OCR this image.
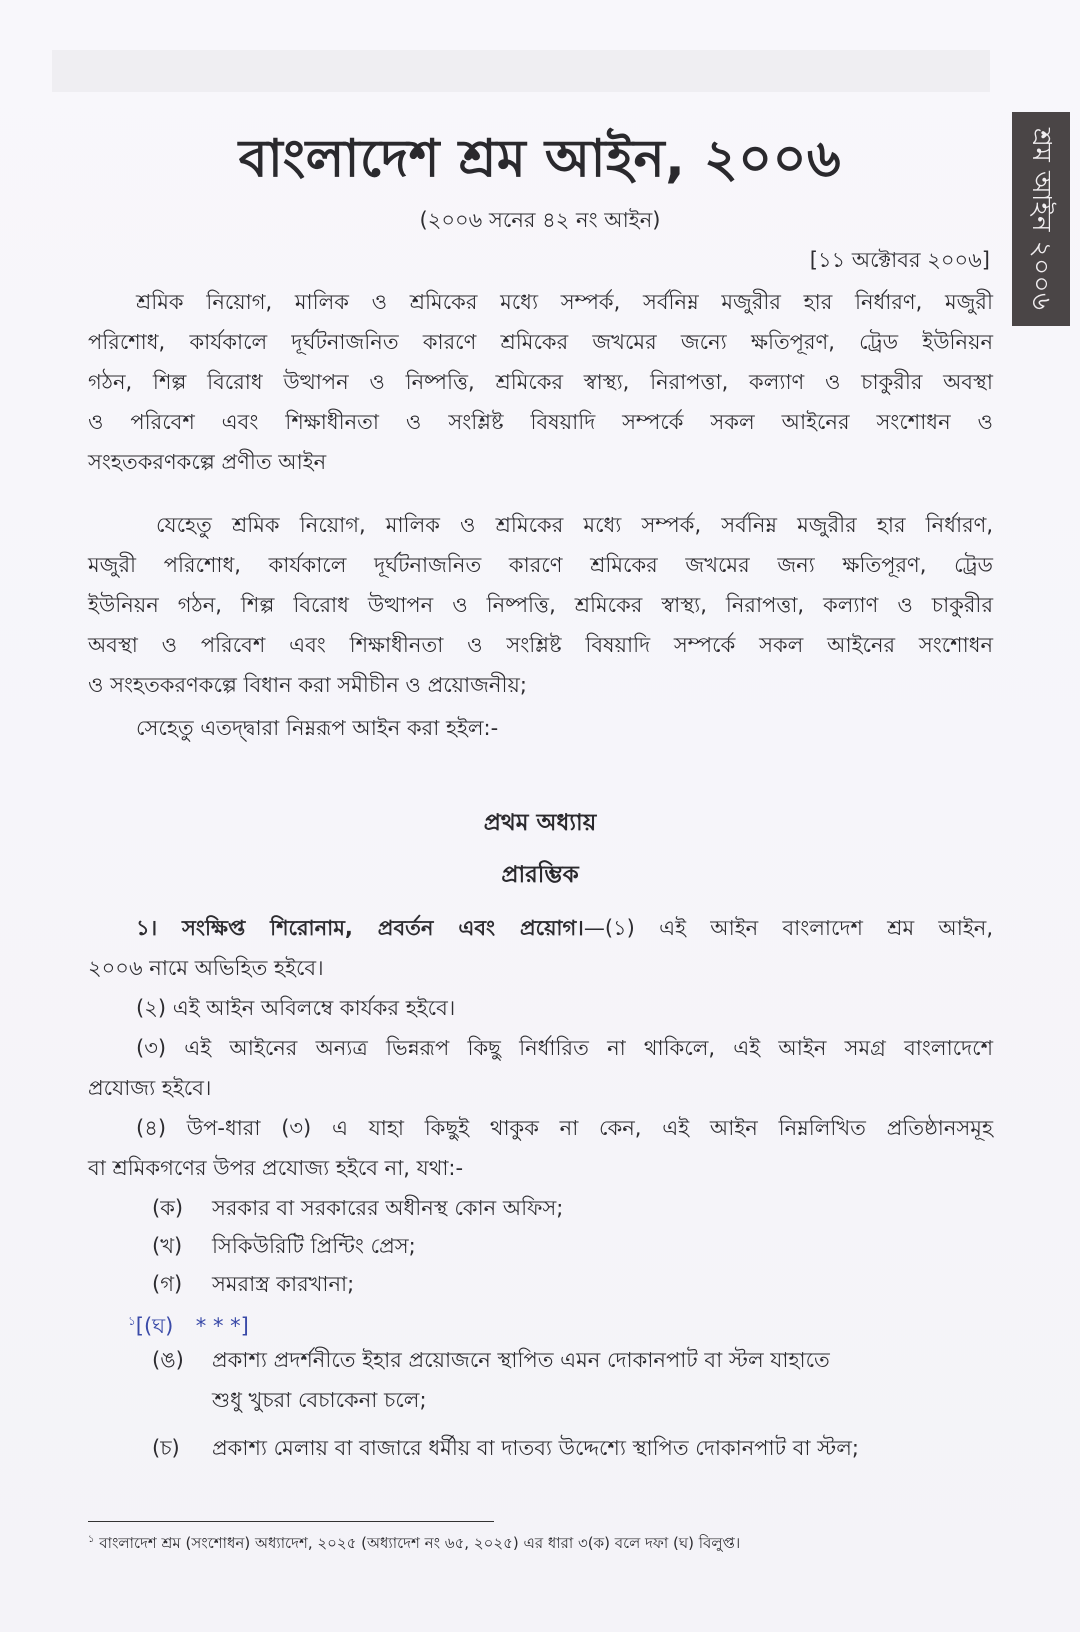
শ্রম আইন ২০০৬
বাংলাদেশ শ্রম আইন, ২০০৬
(২০০৬ সনের ৪২ নং আইন)
[১১ অক্টোবর ২০০৬]
শ্রমিক নিয়োগ, মালিক ও শ্রমিকের মধ্যে সম্পর্ক, সর্বনিম্ন মজুরীর হার নির্ধারণ, মজুরী
পরিশোধ, কার্যকালে দূর্ঘটনাজনিত কারণে শ্রমিকের জখমের জন্যে ক্ষতিপূরণ, ট্রেড ইউনিয়ন
গঠন, শিল্প বিরোধ উত্থাপন ও নিষ্পত্তি, শ্রমিকের স্বাস্থ্য, নিরাপত্তা, কল্যাণ ও চাকুরীর অবস্থা
ও পরিবেশ এবং শিক্ষাধীনতা ও সংশ্লিষ্ট বিষয়াদি সম্পর্কে সকল আইনের সংশোধন ও
সংহতকরণকল্পে প্রণীত আইন
যেহেতু শ্রমিক নিয়োগ, মালিক ও শ্রমিকের মধ্যে সম্পর্ক, সর্বনিম্ন মজুরীর হার নির্ধারণ,
মজুরী পরিশোধ, কার্যকালে দূর্ঘটনাজনিত কারণে শ্রমিকের জখমের জন্য ক্ষতিপূরণ, ট্রেড
ইউনিয়ন গঠন, শিল্প বিরোধ উত্থাপন ও নিষ্পত্তি, শ্রমিকের স্বাস্থ্য, নিরাপত্তা, কল্যাণ ও চাকুরীর
অবস্থা ও পরিবেশ এবং শিক্ষাধীনতা ও সংশ্লিষ্ট বিষয়াদি সম্পর্কে সকল আইনের সংশোধন
ও সংহতকরণকল্পে বিধান করা সমীচীন ও প্রয়োজনীয়;
সেহেতু এতদ্দ্বারা নিম্নরূপ আইন করা হইল:-
প্রথম অধ্যায়
প্রারম্ভিক
১। সংক্ষিপ্ত শিরোনাম, প্রবর্তন এবং প্রয়োগ।—(১) এই আইন বাংলাদেশ শ্রম আইন,
২০০৬ নামে অভিহিত হইবে।
(২) এই আইন অবিলম্বে কার্যকর হইবে।
(৩) এই আইনের অন্যত্র ভিন্নরূপ কিছু নির্ধারিত না থাকিলে, এই আইন সমগ্র বাংলাদেশে
প্রযোজ্য হইবে।
(৪) উপ-ধারা (৩) এ যাহা কিছুই থাকুক না কেন, এই আইন নিম্নলিখিত প্রতিষ্ঠানসমূহ
বা শ্রমিকগণের উপর প্রযোজ্য হইবে না, যথা:-
(ক) সরকার বা সরকারের অধীনস্থ কোন অফিস;
(খ) সিকিউরিটি প্রিন্টিং প্রেস;
(গ) সমরাস্ত্র কারখানা;
$^১$[(ঘ) * * *]
(ঙ) প্রকাশ্য প্রদর্শনীতে ইহার প্রয়োজনে স্থাপিত এমন দোকানপাট বা স্টল যাহাতে
শুধু খুচরা বেচাকেনা চলে;
(চ) প্রকাশ্য মেলায় বা বাজারে ধর্মীয় বা দাতব্য উদ্দেশ্যে স্থাপিত দোকানপাট বা স্টল;
$^১$ বাংলাদেশ শ্রম (সংশোধন) অধ্যাদেশ, ২০২৫ (অধ্যাদেশ নং ৬৫, ২০২৫) এর ধারা ৩(ক) বলে দফা (ঘ) বিলুপ্ত।
